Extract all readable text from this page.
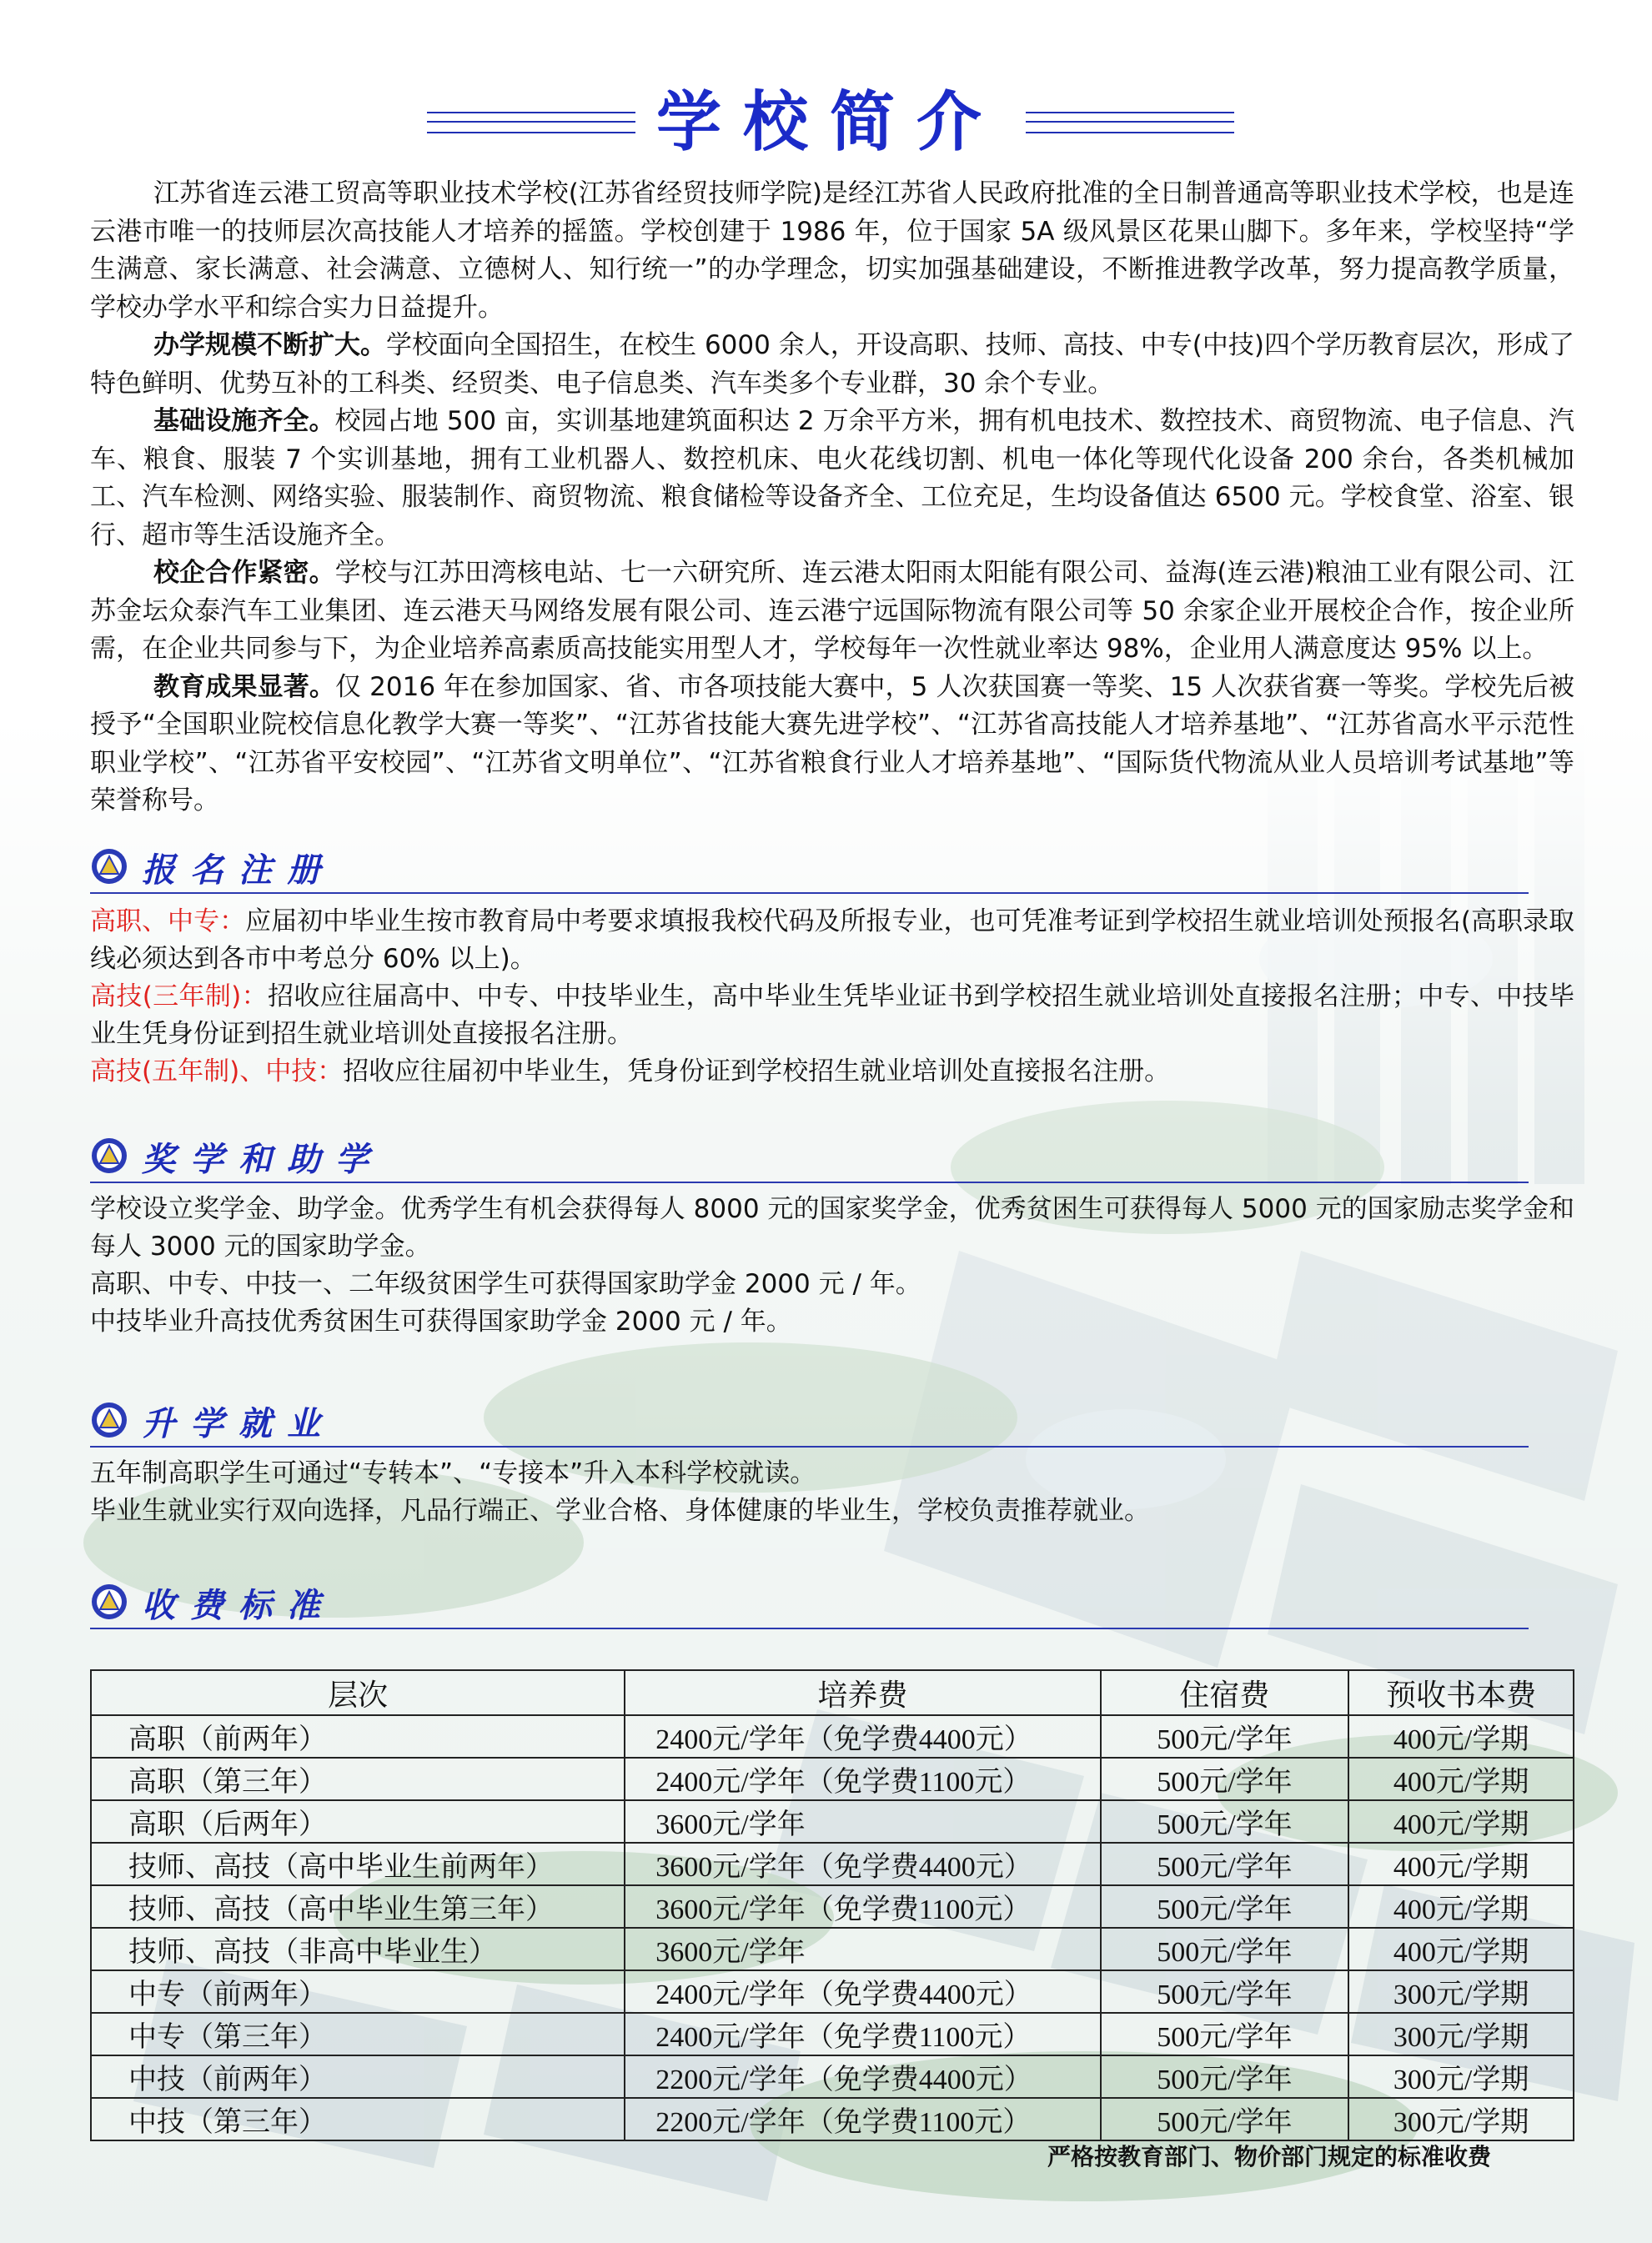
学校简介

江苏省连云港工贸高等职业技术学校(江苏省经贸技师学院)是经江苏省人民政府批准的全日制普通高等职业技术学校，也是连云港市唯一的技师层次高技能人才培养的摇篮。学校创建于 1986 年，位于国家 5A 级风景区花果山脚下。多年来，学校坚持“学生满意、家长满意、社会满意、立德树人、知行统一”的办学理念，切实加强基础建设，不断推进教学改革，努力提高教学质量，学校办学水平和综合实力日益提升。

办学规模不断扩大。学校面向全国招生，在校生 6000 余人，开设高职、技师、高技、中专(中技)四个学历教育层次，形成了特色鲜明、优势互补的工科类、经贸类、电子信息类、汽车类多个专业群，30 余个专业。

基础设施齐全。校园占地 500 亩，实训基地建筑面积达 2 万余平方米，拥有机电技术、数控技术、商贸物流、电子信息、汽车、粮食、服装 7 个实训基地，拥有工业机器人、数控机床、电火花线切割、机电一体化等现代化设备 200 余台，各类机械加工、汽车检测、网络实验、服装制作、商贸物流、粮食储检等设备齐全、工位充足，生均设备值达 6500 元。学校食堂、浴室、银行、超市等生活设施齐全。

校企合作紧密。学校与江苏田湾核电站、七一六研究所、连云港太阳雨太阳能有限公司、益海(连云港)粮油工业有限公司、江苏金坛众泰汽车工业集团、连云港天马网络发展有限公司、连云港宁远国际物流有限公司等 50 余家企业开展校企合作，按企业所需，在企业共同参与下，为企业培养高素质高技能实用型人才，学校每年一次性就业率达 98%，企业用人满意度达 95% 以上。

教育成果显著。仅 2016 年在参加国家、省、市各项技能大赛中，5 人次获国赛一等奖、15 人次获省赛一等奖。学校先后被授予“全国职业院校信息化教学大赛一等奖”、“江苏省技能大赛先进学校”、“江苏省高技能人才培养基地”、“江苏省高水平示范性职业学校”、“江苏省平安校园”、“江苏省文明单位”、“江苏省粮食行业人才培养基地”、“国际货代物流从业人员培训考试基地”等荣誉称号。

报名注册

高职、中专：应届初中毕业生按市教育局中考要求填报我校代码及所报专业，也可凭准考证到学校招生就业培训处预报名(高职录取线必须达到各市中考总分 60% 以上)。

高技(三年制)：招收应往届高中、中专、中技毕业生，高中毕业生凭毕业证书到学校招生就业培训处直接报名注册；中专、中技毕业生凭身份证到招生就业培训处直接报名注册。

高技(五年制)、中技：招收应往届初中毕业生，凭身份证到学校招生就业培训处直接报名注册。

奖学和助学

学校设立奖学金、助学金。优秀学生有机会获得每人 8000 元的国家奖学金，优秀贫困生可获得每人 5000 元的国家励志奖学金和每人 3000 元的国家助学金。

高职、中专、中技一、二年级贫困学生可获得国家助学金 2000 元 / 年。

中技毕业升高技优秀贫困生可获得国家助学金 2000 元 / 年。

升学就业

五年制高职学生可通过“专转本”、“专接本”升入本科学校就读。

毕业生就业实行双向选择，凡品行端正、学业合格、身体健康的毕业生，学校负责推荐就业。

收费标准
层次	培养费	住宿费	预收书本费
高职（前两年）	2400元/学年（免学费4400元）	500元/学年	400元/学期
高职（第三年）	2400元/学年（免学费1100元）	500元/学年	400元/学期
高职（后两年）	3600元/学年	500元/学年	400元/学期
技师、高技（高中毕业生前两年）	3600元/学年（免学费4400元）	500元/学年	400元/学期
技师、高技（高中毕业生第三年）	3600元/学年（免学费1100元）	500元/学年	400元/学期
技师、高技（非高中毕业生）	3600元/学年	500元/学年	400元/学期
中专（前两年）	2400元/学年（免学费4400元）	500元/学年	300元/学期
中专（第三年）	2400元/学年（免学费1100元）	500元/学年	300元/学期
中技（前两年）	2200元/学年（免学费4400元）	500元/学年	300元/学期
中技（第三年）	2200元/学年（免学费1100元）	500元/学年	300元/学期
严格按教育部门、物价部门规定的标准收费
